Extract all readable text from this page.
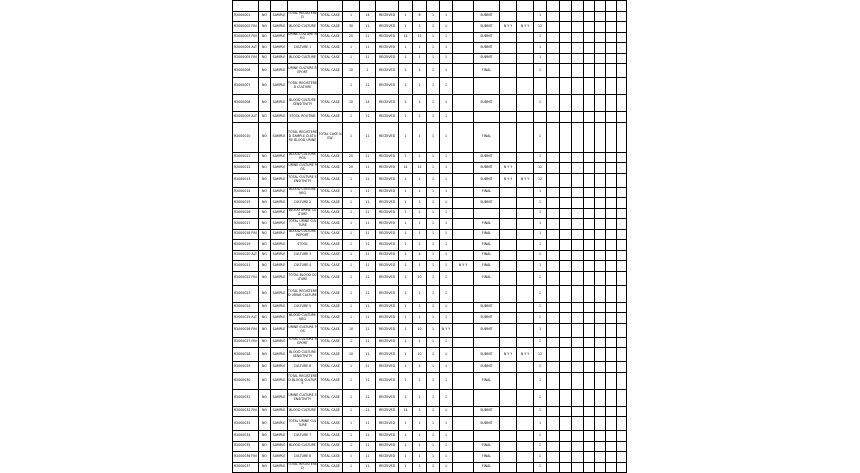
R2000001	NO	SAMPLE	TOTAL REGISTERED	TOTAL CASE	1	14	RECEIVED	1	6	1	1		SUBMIT			1							
R2000002 FIN	NO	SAMPLE	BLOOD CULTURE	TOTAL CASE	30	11	RECEIVED	1	1	1	1		SUBMIT	N Y Y	N Y Y	12							
R2000003 FIN	NO	SAMPLE	URINE CULTURE NEG	TOTAL CASE	20	11	RECEIVED	14	15	1	1		SUBMIT			1							
R2000004 ALT	NO	SAMPLE	CULTURE 1	TOTAL CASE	1	11	RECEIVED	1	1	1	1		SUBMIT			1							
R2000005 FIN	NO	SAMPLE	BLOOD CULTURE	TOTAL CASE	1	11	RECEIVED	1	1	1	1		SUBMIT			1							
R2000006	NO	SAMPLE	URINE CULTURE REPORT	TOTAL CASE	10	1	RECEIVED	1	1	1	1		FINAL			1							
R2000007	NO	SAMPLE	TOTAL REGISTERED CULTURE		1	11	RECEIVED	1	1	1	1												
R2000008	NO	SAMPLE	BLOOD CULTURE SENSITIVITY	TOTAL CASE	10	14	RECEIVED	1	1	1	1		SUBMIT			1							
R2000009 ALT	NO	SAMPLE	STOOL ROUTINE	TOTAL CASE	1	11	RECEIVED	1	1	1	1												
R2000010	NO	SAMPLE	TOTAL REGISTERED SAMPLE CULTURE BLOOD URINE	TOTAL CASE NEW	1	11	RECEIVED	1	1	1	1		FINAL			1							
R2000011	NO	SAMPLE	BLOOD CULTURE POS	TOTAL CASE	20	11	RECEIVED	1	1	1	1		SUBMIT			1							
R2000012	NO	SAMPLE	URINE CULTURE POS	TOTAL CASE	20	11	RECEIVED	14	15	1	1		SUBMIT	N Y Y		12							
R2000013	NO	SAMPLE	TOTAL CULTURE SENSITIVITY	TOTAL CASE	1	11	RECEIVED	1	1	1	1		SUBMIT	N Y Y	N Y Y	12							
R2000014	NO	SAMPLE	BLOOD CULTURE NEG	TOTAL CASE	1	11	RECEIVED	1	1	1	1		FINAL			1							
R2000015	NO	SAMPLE	CULTURE 2	TOTAL CASE	1	11	RECEIVED	1	1	1	1		SUBMIT			1							
R2000016	NO	SAMPLE	BLOOD URINE CULTURE	TOTAL CASE	1	11	RECEIVED	1	1	1	1					1							
R2000017	NO	SAMPLE	TOTAL URINE CULTURE	TOTAL CASE	1	11	RECEIVED	1	1	1	1		FINAL			1							
R2000018 FIN	NO	SAMPLE	BLOOD CULTURE REPORT	TOTAL CASE	1	11	RECEIVED	1	1	1	1		FINAL			1							
R2000019	NO	SAMPLE	STOOL	TOTAL CASE	1	11	RECEIVED	1	1	1	1		FINAL			1							
R2000020 ALT	NO	SAMPLE	CULTURE 3	TOTAL CASE	1	11	RECEIVED	1	1	1	1		FINAL			1							
R2000021	NO	SAMPLE	CULTURE 4	TOTAL CASE	1	11	RECEIVED	1	1	1	1	N Y Y	FINAL			1							
R2000022 FIN	NO	SAMPLE	TOTAL BLOOD CULTURE	TOTAL CASE	1	11	RECEIVED	1	10	1	1		FINAL			1							
R2000023	NO	SAMPLE	TOTAL REGISTERED URINE CULTURE	TOTAL CASE	1	11	RECEIVED	1	1	1	1					1							
R2000024	NO	SAMPLE	CULTURE 5	TOTAL CASE	1	11	RECEIVED	1	1	1	1		SUBMIT			1							
R2000025 ALT	NO	SAMPLE	BLOOD CULTURE NEG	TOTAL CASE	1	11	RECEIVED	1	1	1	1		SUBMIT			1							
R2000026 FIN	NO	SAMPLE	URINE CULTURE POS	TOTAL CASE	10	11	RECEIVED	1	10	1	N Y Y		SUBMIT			1							
R2000027 FIN	NO	SAMPLE	TOTAL CULTURE REPORT	TOTAL CASE	1	11	RECEIVED	1	1	1	1					1							
R2000028	NO	SAMPLE	BLOOD CULTURE SENSITIVITY	TOTAL CASE	10	11	RECEIVED	1	10	1	1		SUBMIT	N Y Y	N Y Y	12							
R2000029	NO	SAMPLE	CULTURE 6	TOTAL CASE	1	11	RECEIVED	1	1	1	1		SUBMIT			1							
R2000030	NO	SAMPLE	TOTAL REGISTERED BLOOD CULTURE	TOTAL CASE	1	11	RECEIVED	1	1	1	1		FINAL			1							
R2000031	NO	SAMPLE	URINE CULTURE SENSITIVITY	TOTAL CASE	1	11	RECEIVED	1	1	1	1					1							
R2000032 FIN	NO	SAMPLE	BLOOD CULTURE	TOTAL CASE	1	21	RECEIVED	14	1	1	1		SUBMIT			1							
R2000033	NO	SAMPLE	TOTAL URINE CULTURE	TOTAL CASE	1	11	RECEIVED	1	1	1	1		SUBMIT			1							
R2000034	NO	SAMPLE	CULTURE 7	TOTAL CASE	1	11	RECEIVED	1	1	1	1					1							
R2000035	NO	SAMPLE	BLOOD CULTURE	TOTAL CASE	1	11	RECEIVED	1	1	1	1		FINAL			1							
R2000036 FIN	NO	SAMPLE	CULTURE 8	TOTAL CASE	1	11	RECEIVED	1	1	1	1		FINAL			1							
R2000037	NO	SAMPLE	TOTAL REGISTERED	TOTAL CASE	1	11	RECEIVED	1	1	1	1		FINAL			1							
